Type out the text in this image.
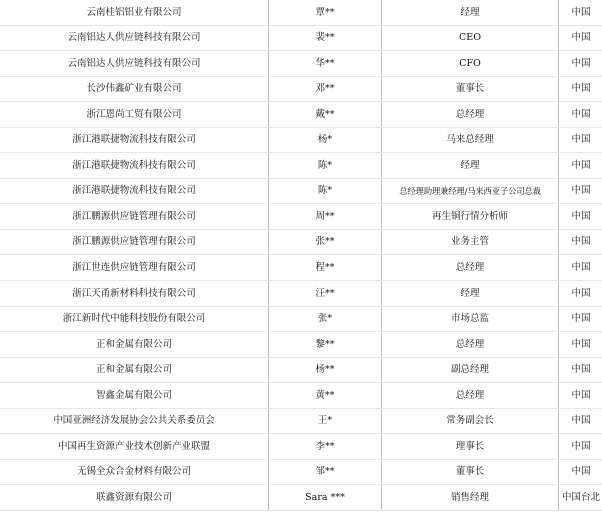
云南桂铝铝业有限公司	覃**	经理	中国
云南铝达人供应链科技有限公司	裴**	CEO	中国
云南铝达人供应链科技有限公司	华**	CFO	中国
长沙伟鑫矿业有限公司	邓**	董事长	中国
浙江恩尚工贸有限公司	戴**	总经理	中国
浙江港联捷物流科技有限公司	杨*	马来总经理	中国
浙江港联捷物流科技有限公司	陈*	经理	中国
浙江港联捷物流科技有限公司	陈*	总经理助理兼经理/马来西亚子公司总裁	中国
浙江鹏源供应链管理有限公司	周**	再生铜行情分析师	中国
浙江鹏源供应链管理有限公司	张**	业务主管	中国
浙江世连供应链管理有限公司	程**	总经理	中国
浙江天甬新材料科技有限公司	汪**	经理	中国
浙江新时代中能科技股份有限公司	张*	市场总监	中国
正和金属有限公司	黎**	总经理	中国
正和金属有限公司	杨**	副总经理	中国
智鑫金属有限公司	黄**	总经理	中国
中国亚洲经济发展协会公共关系委员会	王*	常务副会长	中国
中国再生资源产业技术创新产业联盟	李**	理事长	中国
无锡全众合金材料有限公司	邹**	董事长	中国
联鑫资源有限公司	Sara ***	销售经理	中国台北
